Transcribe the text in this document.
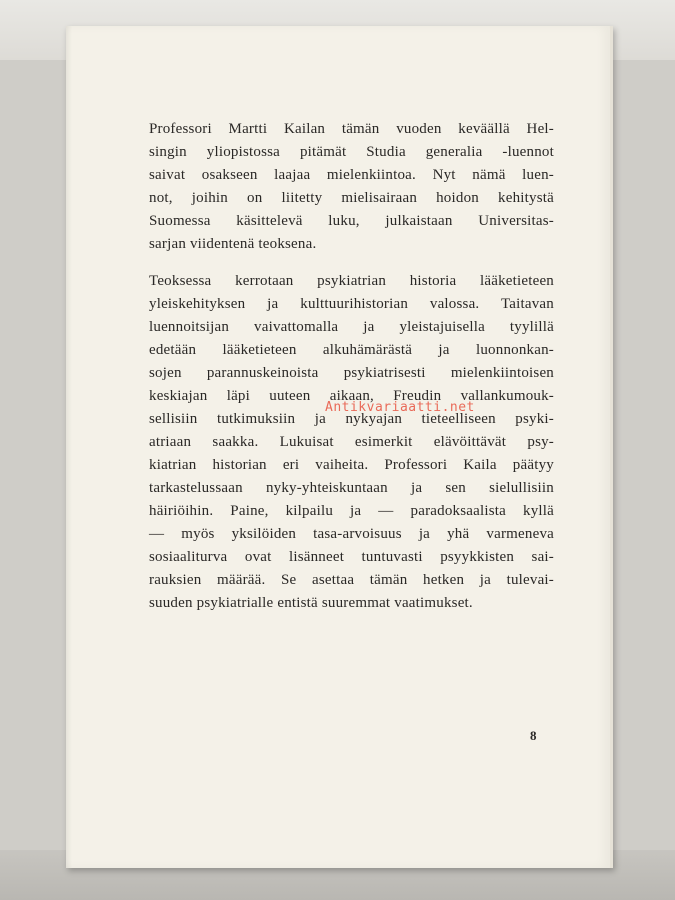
Professori Martti Kailan tämän vuoden keväällä Hel-
singin yliopistossa pitämät Studia generalia -luennot
saivat osakseen laajaa mielenkiintoa. Nyt nämä luen-
not, joihin on liitetty mielisairaan hoidon kehitystä
Suomessa käsittelevä luku, julkaistaan Universitas-
sarjan viidentenä teoksena.
Teoksessa kerrotaan psykiatrian historia lääketieteen
yleiskehityksen ja kulttuurihistorian valossa. Taitavan
luennoitsijan vaivattomalla ja yleistajuisella tyylillä
edetään lääketieteen alkuhämärästä ja luonnonkan-
sojen parannuskeinoista psykiatrisesti mielenkiintoisen
keskiajan läpi uuteen aikaan, Freudin vallankumouk-
sellisiin tutkimuksiin ja nykyajan tieteelliseen psyki-
atriaan saakka. Lukuisat esimerkit elävöittävät psy-
kiatrian historian eri vaiheita. Professori Kaila päätyy
tarkastelussaan nyky-yhteiskuntaan ja sen sielullisiin
häiriöihin. Paine, kilpailu ja — paradoksaalista kyllä
— myös yksilöiden tasa-arvoisuus ja yhä varmeneva
sosiaaliturva ovat lisänneet tuntuvasti psyykkisten sai-
rauksien määrää. Se asettaa tämän hetken ja tulevai-
suuden psykiatrialle entistä suuremmat vaatimukset.
Antikvariaatti.net
8
